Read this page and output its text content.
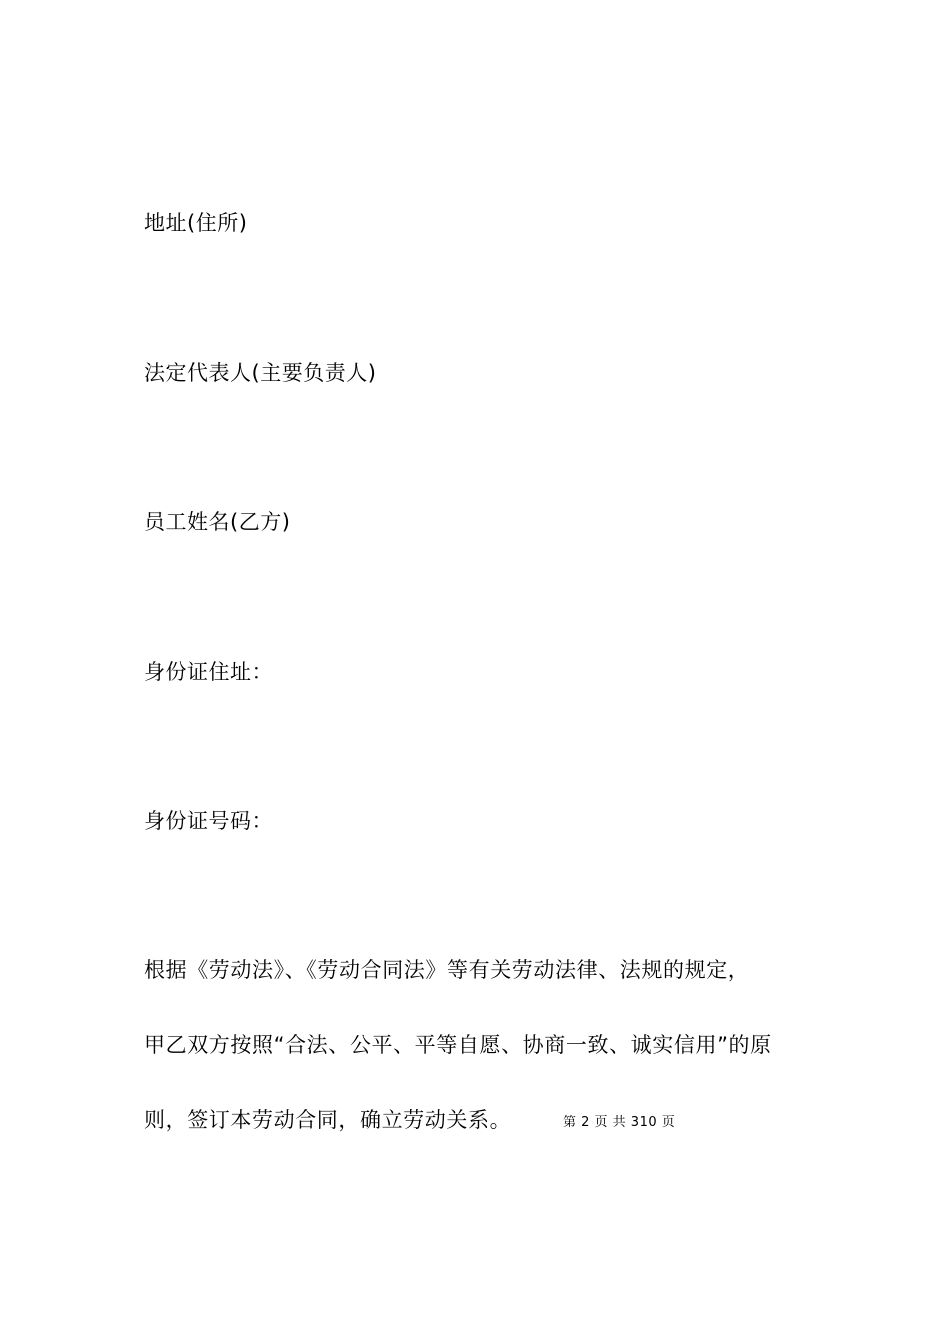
地址(住所)
法定代表人(主要负责人)
员工姓名(乙方)
身份证住址：
身份证号码：
根据《劳动法》、《劳动合同法》等有关劳动法律、法规的规定，
甲乙双方按照“合法、公平、平等自愿、协商一致、诚实信用”的原
则，签订本劳动合同，确立劳动关系。	第 2 页 共 310 页
